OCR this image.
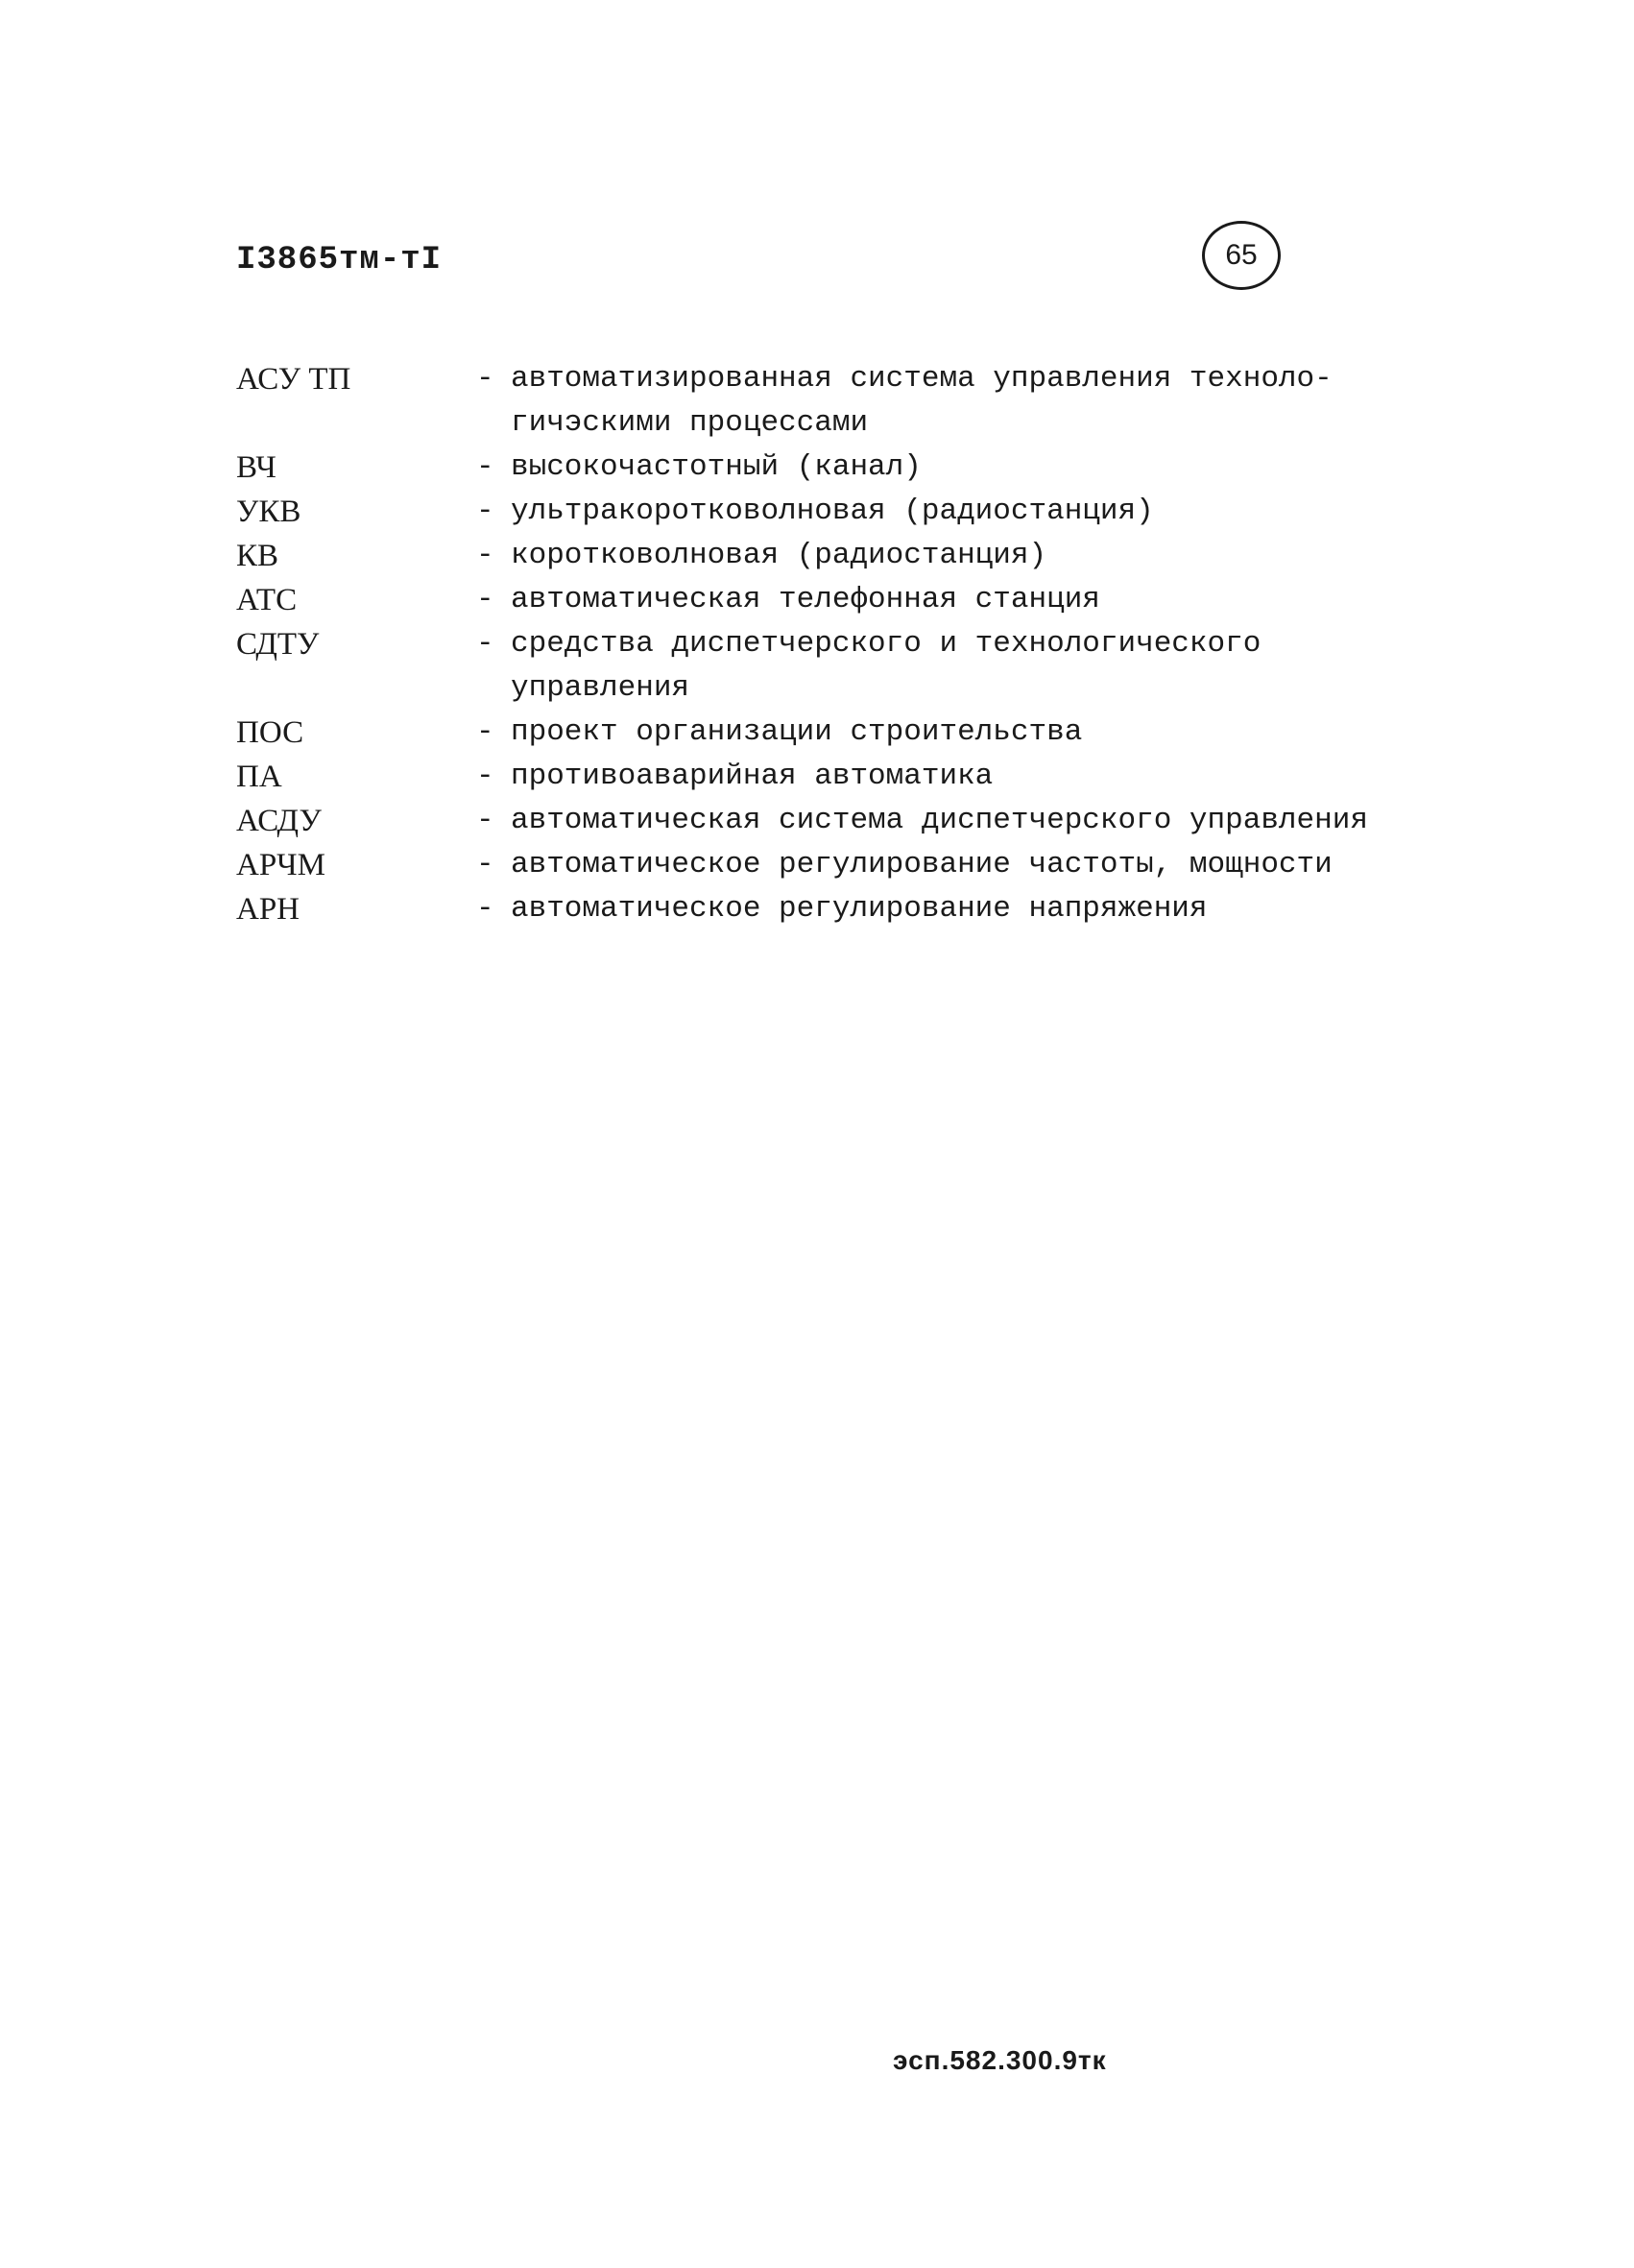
I3865тм-тI	65
АСУ ТП	- автоматизированная система управления техноло-
гичэскими процессами
ВЧ	- высокочастотный (канал)
УКВ	- ультракоротковолновая (радиостанция)
КВ	- коротковолновая (радиостанция)
АТС	- автоматическая телефонная станция
СДТУ	- средства диспетчерского и технологического
управления
ПОС	- проект организации строительства
ПА	- противоаварийная автоматика
АСДУ	- автоматическая система диспетчерского управления
АРЧМ	- автоматическое регулирование частоты, мощности
АРН	- автоматическое регулирование напряжения
эсп.582.300.9тк
